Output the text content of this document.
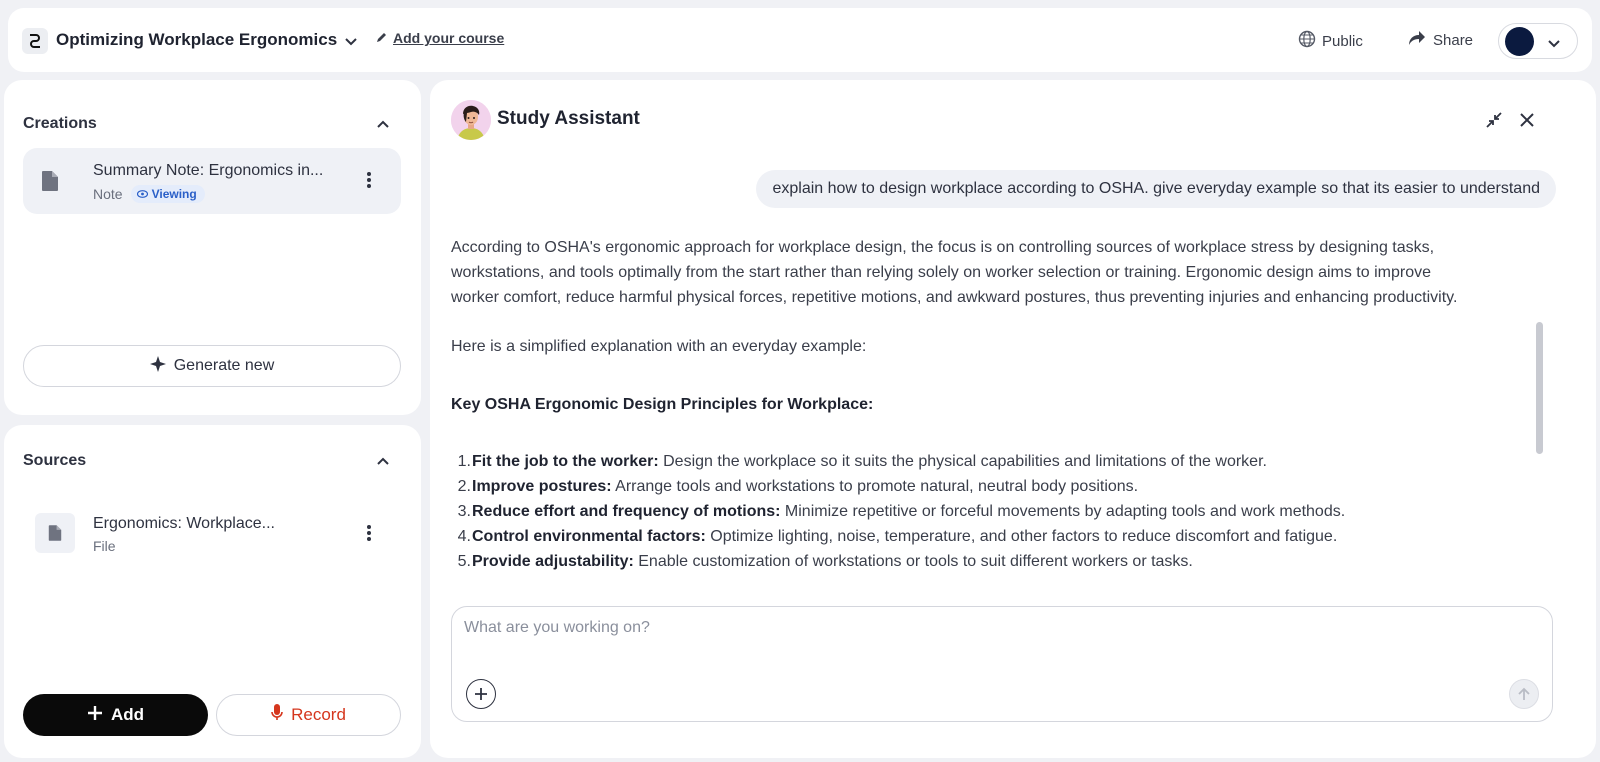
Optimizing Workplace Ergonomics	Add your course	Public	Share
Creations
Summary Note: Ergonomics in...
Note Viewing
Generate new
Sources
Ergonomics: Workplace...
File
Add	Record
Study Assistant
explain how to design workplace according to OSHA. give everyday example so that its easier to understand

According to OSHA's ergonomic approach for workplace design, the focus is on controlling sources of workplace stress by designing tasks,

workstations, and tools optimally from the start rather than relying solely on worker selection or training. Ergonomic design aims to improve

worker comfort, reduce harmful physical forces, repetitive motions, and awkward postures, thus preventing injuries and enhancing productivity.

Here is a simplified explanation with an everyday example:

Key OSHA Ergonomic Design Principles for Workplace:

1.Fit the job to the worker: Design the workplace so it suits the physical capabilities and limitations of the worker.
2.Improve postures: Arrange tools and workstations to promote natural, neutral body positions.
3.Reduce effort and frequency of motions: Minimize repetitive or forceful movements by adapting tools and work methods.
4.Control environmental factors: Optimize lighting, noise, temperature, and other factors to reduce discomfort and fatigue.
5.Provide adjustability: Enable customization of workstations or tools to suit different workers or tasks.
What are you working on?
